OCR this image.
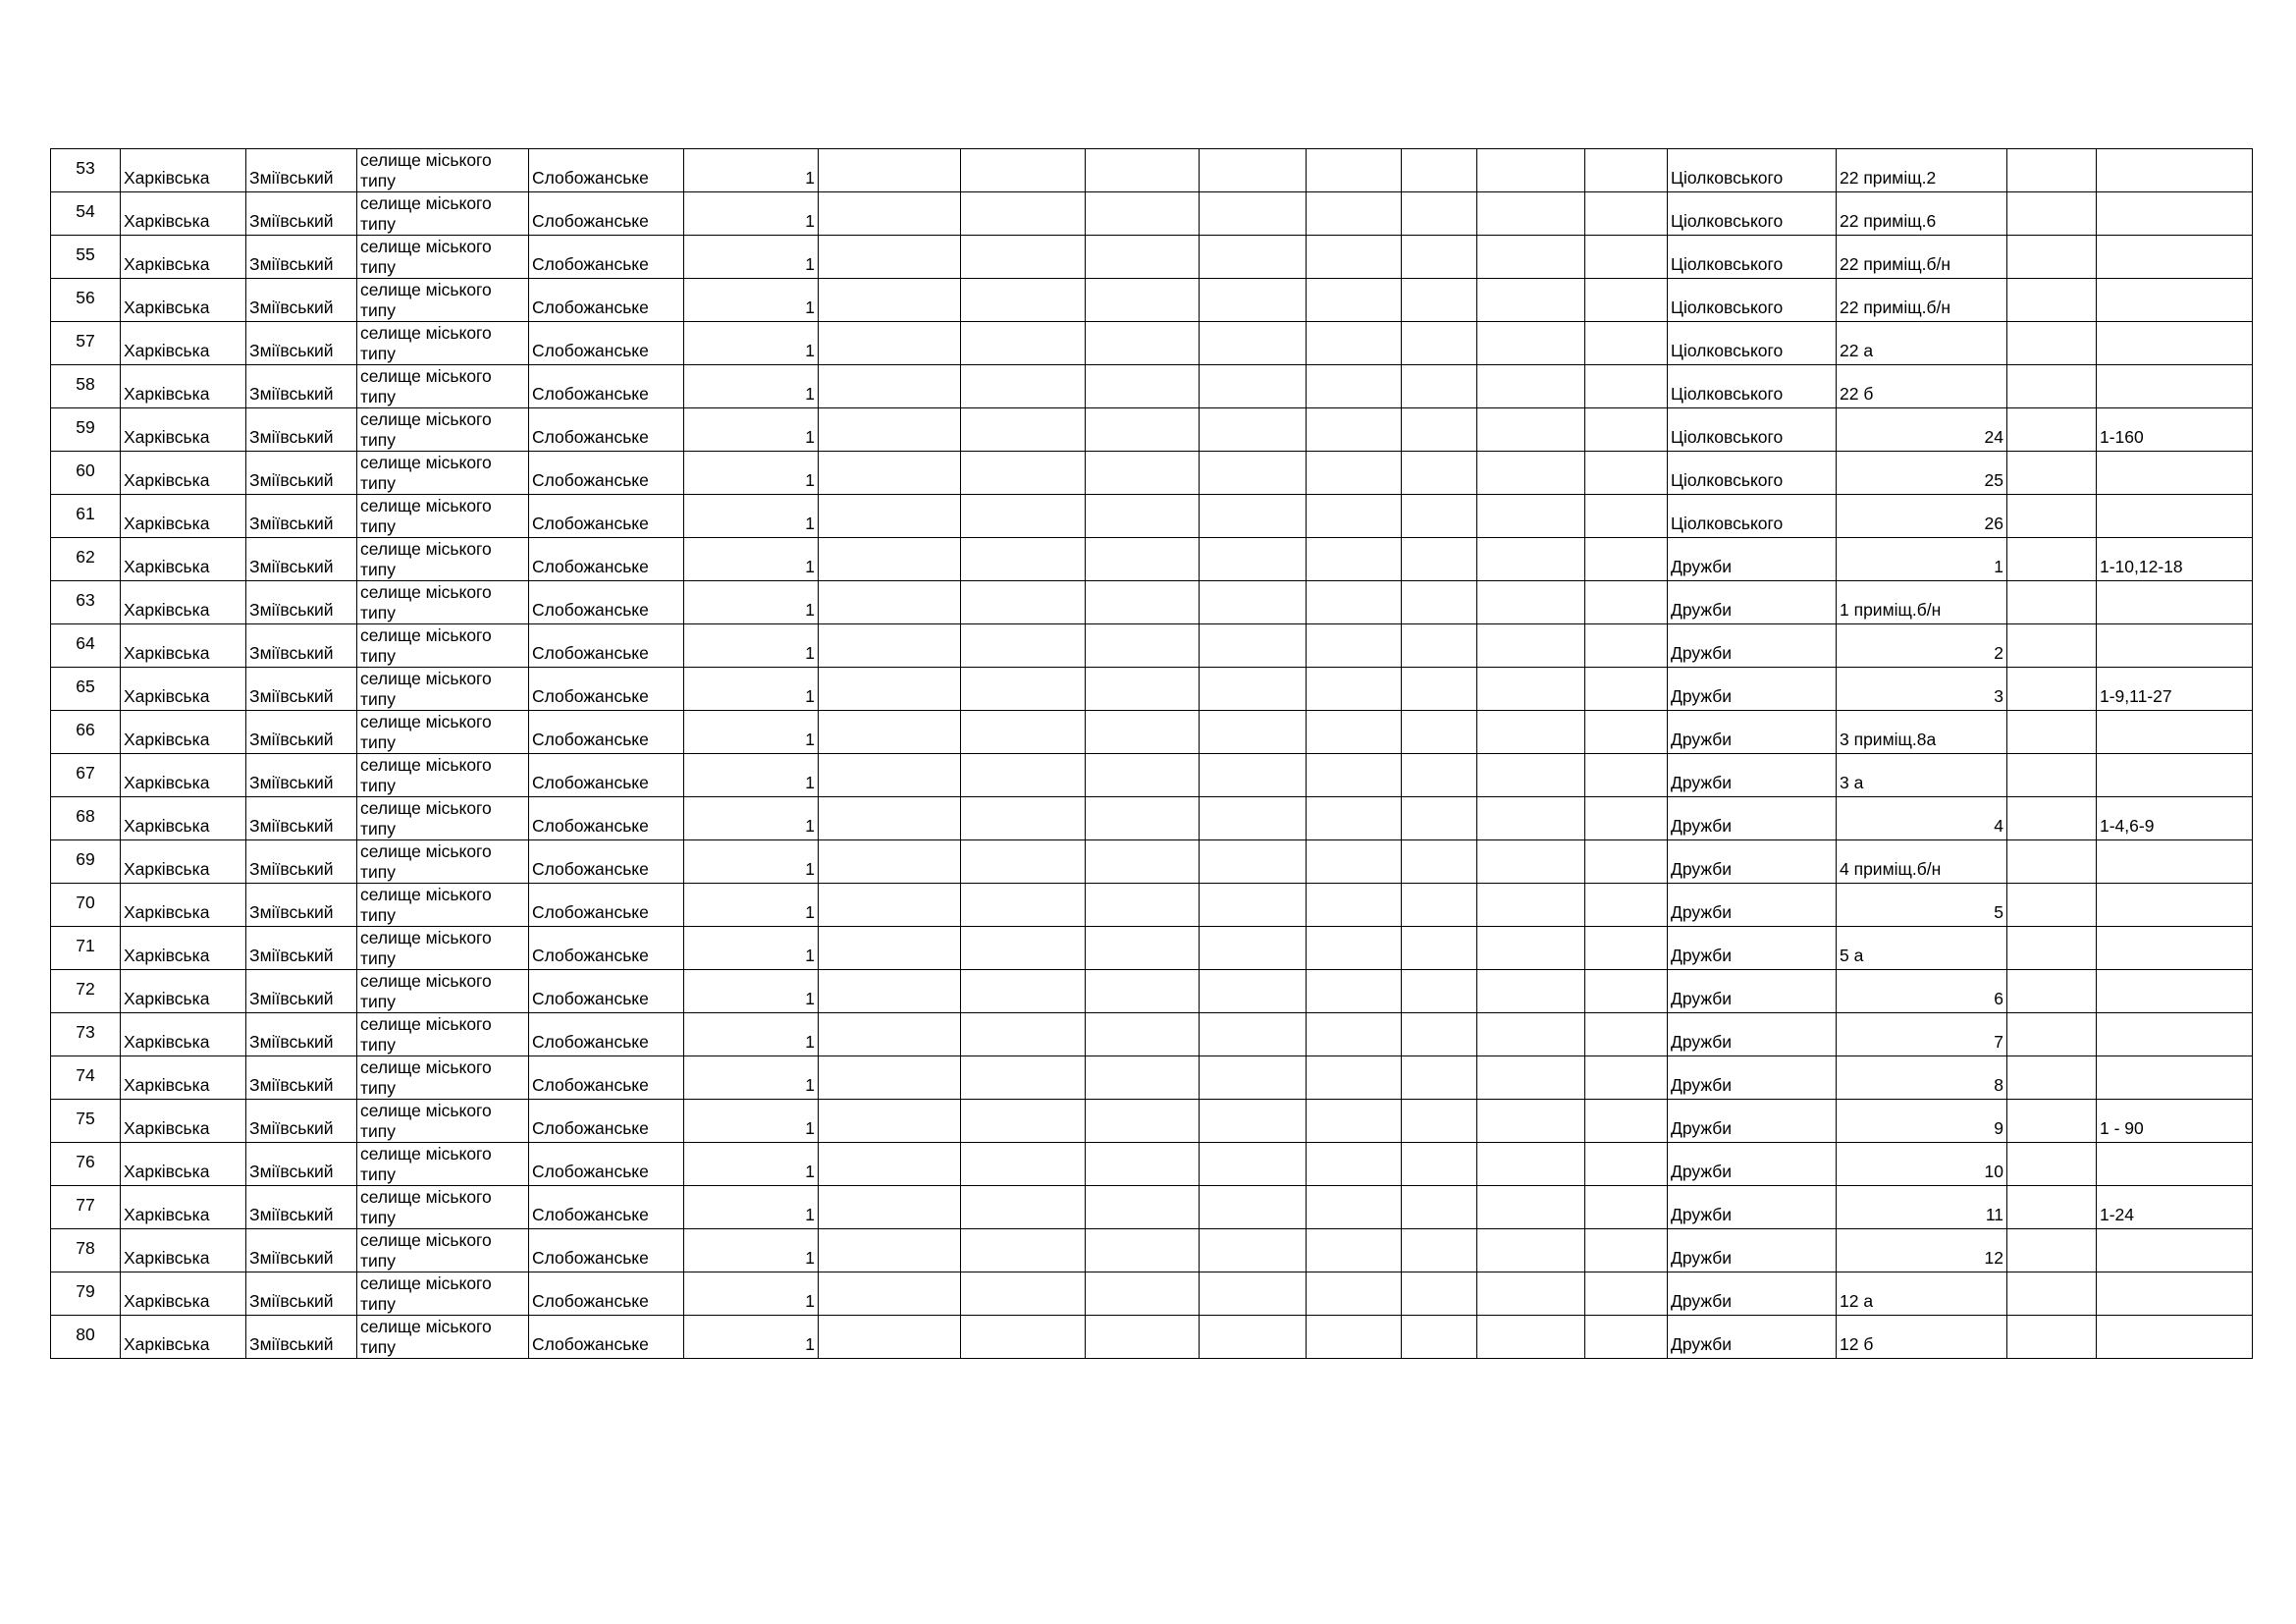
53	Харківська	Зміївський	селище міського
типу	Слобожанське	1									Ціолковського	22 приміщ.2		
54	Харківська	Зміївський	селище міського
типу	Слобожанське	1									Ціолковського	22 приміщ.6		
55	Харківська	Зміївський	селище міського
типу	Слобожанське	1									Ціолковського	22 приміщ.б/н		
56	Харківська	Зміївський	селище міського
типу	Слобожанське	1									Ціолковського	22 приміщ.б/н		
57	Харківська	Зміївський	селище міського
типу	Слобожанське	1									Ціолковського	22 а		
58	Харківська	Зміївський	селище міського
типу	Слобожанське	1									Ціолковського	22 б		
59	Харківська	Зміївський	селище міського
типу	Слобожанське	1									Ціолковського	24		1-160
60	Харківська	Зміївський	селище міського
типу	Слобожанське	1									Ціолковського	25		
61	Харківська	Зміївський	селище міського
типу	Слобожанське	1									Ціолковського	26		
62	Харківська	Зміївський	селище міського
типу	Слобожанське	1									Дружби	1		1-10,12-18
63	Харківська	Зміївський	селище міського
типу	Слобожанське	1									Дружби	1 приміщ.б/н		
64	Харківська	Зміївський	селище міського
типу	Слобожанське	1									Дружби	2		
65	Харківська	Зміївський	селище міського
типу	Слобожанське	1									Дружби	3		1-9,11-27
66	Харківська	Зміївський	селище міського
типу	Слобожанське	1									Дружби	3 приміщ.8а		
67	Харківська	Зміївський	селище міського
типу	Слобожанське	1									Дружби	3 а		
68	Харківська	Зміївський	селище міського
типу	Слобожанське	1									Дружби	4		1-4,6-9
69	Харківська	Зміївський	селище міського
типу	Слобожанське	1									Дружби	4 приміщ.б/н		
70	Харківська	Зміївський	селище міського
типу	Слобожанське	1									Дружби	5		
71	Харківська	Зміївський	селище міського
типу	Слобожанське	1									Дружби	5 а		
72	Харківська	Зміївський	селище міського
типу	Слобожанське	1									Дружби	6		
73	Харківська	Зміївський	селище міського
типу	Слобожанське	1									Дружби	7		
74	Харківська	Зміївський	селище міського
типу	Слобожанське	1									Дружби	8		
75	Харківська	Зміївський	селище міського
типу	Слобожанське	1									Дружби	9		1 - 90
76	Харківська	Зміївський	селище міського
типу	Слобожанське	1									Дружби	10		
77	Харківська	Зміївський	селище міського
типу	Слобожанське	1									Дружби	11		1-24
78	Харківська	Зміївський	селище міського
типу	Слобожанське	1									Дружби	12		
79	Харківська	Зміївський	селище міського
типу	Слобожанське	1									Дружби	12 а		
80	Харківська	Зміївський	селище міського
типу	Слобожанське	1									Дружби	12 б		
